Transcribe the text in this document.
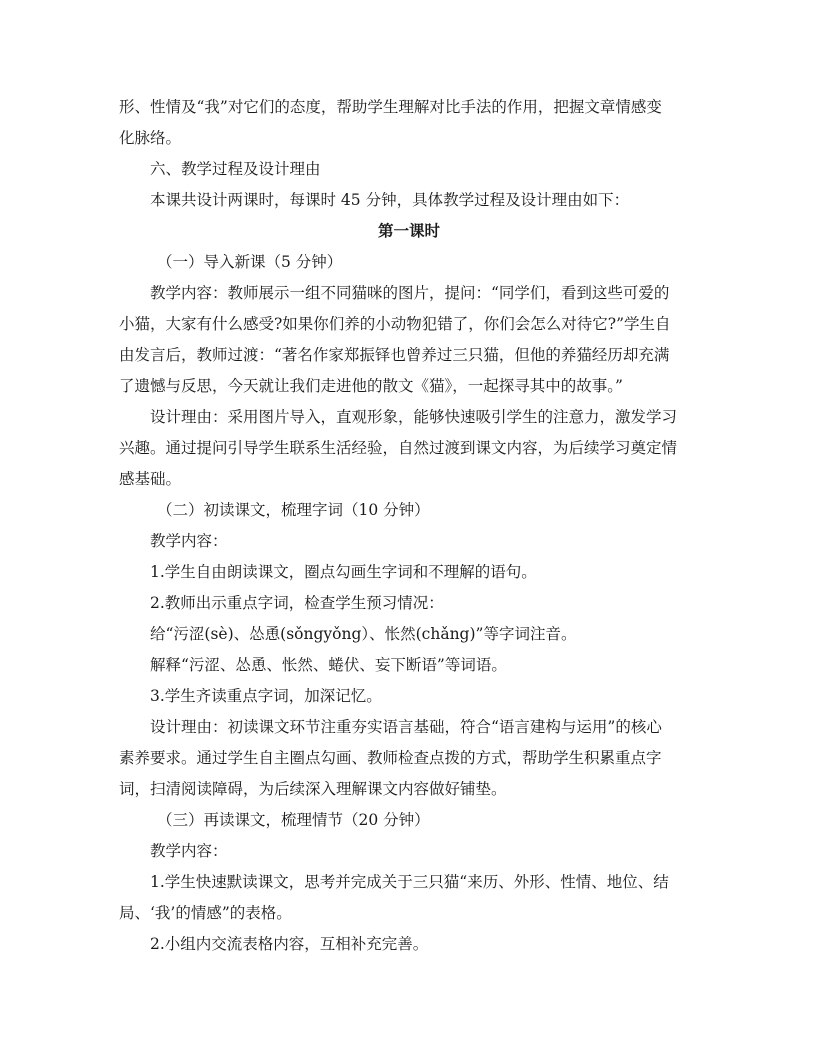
形、性情及“我”对它们的态度，帮助学生理解对比手法的作用，把握文章情感变
化脉络。
六、教学过程及设计理由
本课共设计两课时，每课时 45 分钟，具体教学过程及设计理由如下：
第一课时
（一）导入新课（5 分钟）
教学内容：教师展示一组不同猫咪的图片，提问：“同学们，看到这些可爱的
小猫，大家有什么感受?如果你们养的小动物犯错了，你们会怎么对待它?”学生自
由发言后，教师过渡：“著名作家郑振铎也曾养过三只猫，但他的养猫经历却充满
了遗憾与反思，今天就让我们走进他的散文《猫》，一起探寻其中的故事。”
设计理由：采用图片导入，直观形象，能够快速吸引学生的注意力，激发学习
兴趣。通过提问引导学生联系生活经验，自然过渡到课文内容，为后续学习奠定情
感基础。
（二）初读课文，梳理字词（10 分钟）
教学内容：
1.学生自由朗读课文，圈点勾画生字词和不理解的语句。
2.教师出示重点字词，检查学生预习情况：
给“污涩(sè)、怂恿(sǒngyǒng）、怅然(chǎng)”等字词注音。
解释“污涩、怂恿、怅然、蜷伏、妄下断语”等词语。
3.学生齐读重点字词，加深记忆。
设计理由：初读课文环节注重夯实语言基础，符合“语言建构与运用”的核心
素养要求。通过学生自主圈点勾画、教师检查点拨的方式，帮助学生积累重点字
词，扫清阅读障碍，为后续深入理解课文内容做好铺垫。
（三）再读课文，梳理情节（20 分钟）
教学内容：
1.学生快速默读课文，思考并完成关于三只猫“来历、外形、性情、地位、结
局、‘我’的情感”的表格。
2.小组内交流表格内容，互相补充完善。
